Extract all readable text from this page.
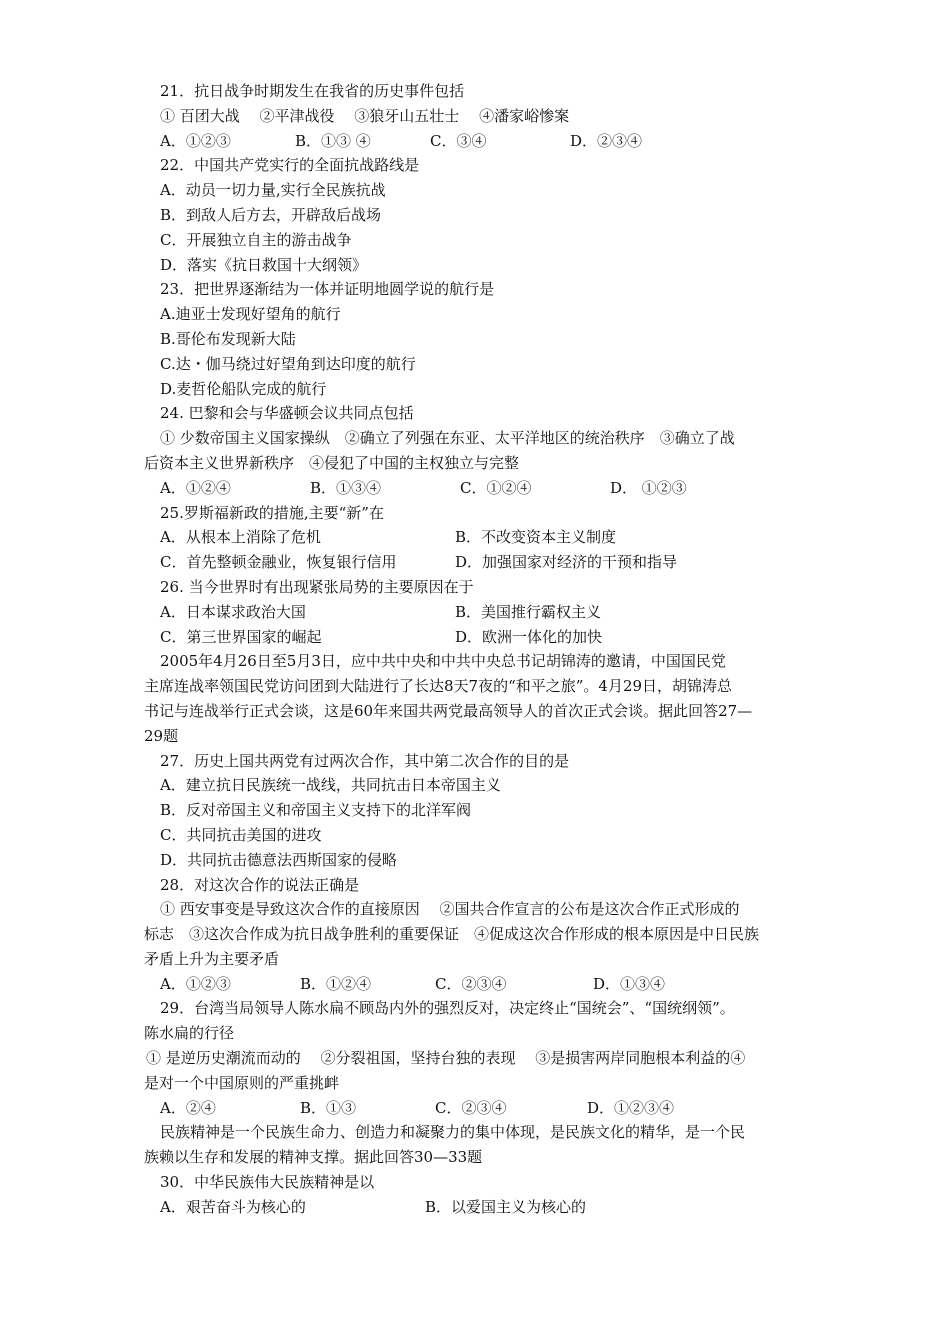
21．抗日战争时期发生在我省的历史事件包括
① 百团大战　 ②平津战役　 ③狼牙山五壮士　 ④潘家峪惨案
A．①②③	B．①③ ④	C．③④	D．②③④
22．中国共产党实行的全面抗战路线是
A．动员一切力量,实行全民族抗战
B．到敌人后方去，开辟敌后战场
C．开展独立自主的游击战争
D．落实《抗日救国十大纲领》
23．把世界逐渐结为一体并证明地圆学说的航行是
A.迪亚士发现好望角的航行
B.哥伦布发现新大陆
C.达・伽马绕过好望角到达印度的航行
D.麦哲伦船队完成的航行
24. 巴黎和会与华盛顿会议共同点包括
① 少数帝国主义国家操纵　②确立了列强在东亚、太平洋地区的统治秩序　③确立了战
后资本主义世界新秩序　④侵犯了中国的主权独立与完整
A．①②④	B．①③④	C．①②④	D． ①②③
25.罗斯福新政的措施,主要“新”在
A．从根本上消除了危机	B．不改变资本主义制度
C．首先整顿金融业，恢复银行信用	D．加强国家对经济的干预和指导
26. 当今世界时有出现紧张局势的主要原因在于
A．日本谋求政治大国	B．美国推行霸权主义
C．第三世界国家的崛起	D．欧洲一体化的加快
2005年4月26日至5月3日，应中共中央和中共中央总书记胡锦涛的邀请，中国国民党
主席连战率领国民党访问团到大陆进行了长达8天7夜的“和平之旅”。4月29日，胡锦涛总
书记与连战举行正式会谈，这是60年来国共两党最高领导人的首次正式会谈。据此回答27—
29题
27．历史上国共两党有过两次合作，其中第二次合作的目的是
A．建立抗日民族统一战线，共同抗击日本帝国主义
B．反对帝国主义和帝国主义支持下的北洋军阀
C．共同抗击美国的进攻
D．共同抗击德意法西斯国家的侵略
28．对这次合作的说法正确是
① 西安事变是导致这次合作的直接原因　 ②国共合作宣言的公布是这次合作正式形成的
标志　③这次合作成为抗日战争胜利的重要保证　④促成这次合作形成的根本原因是中日民族
矛盾上升为主要矛盾
A．①②③	B．①②④	C．②③④	D．①③④
29．台湾当局领导人陈水扁不顾岛内外的强烈反对，决定终止“国统会”、“国统纲领”。
陈水扁的行径
① 是逆历史潮流而动的　 ②分裂祖国，坚持台独的表现　 ③是损害两岸同胞根本利益的④
是对一个中国原则的严重挑衅
A．②④	B．①③	C．②③④	D．①②③④
民族精神是一个民族生命力、创造力和凝聚力的集中体现，是民族文化的精华，是一个民
族赖以生存和发展的精神支撑。据此回答30—33题
30．中华民族伟大民族精神是以
A．艰苦奋斗为核心的	B．以爱国主义为核心的
